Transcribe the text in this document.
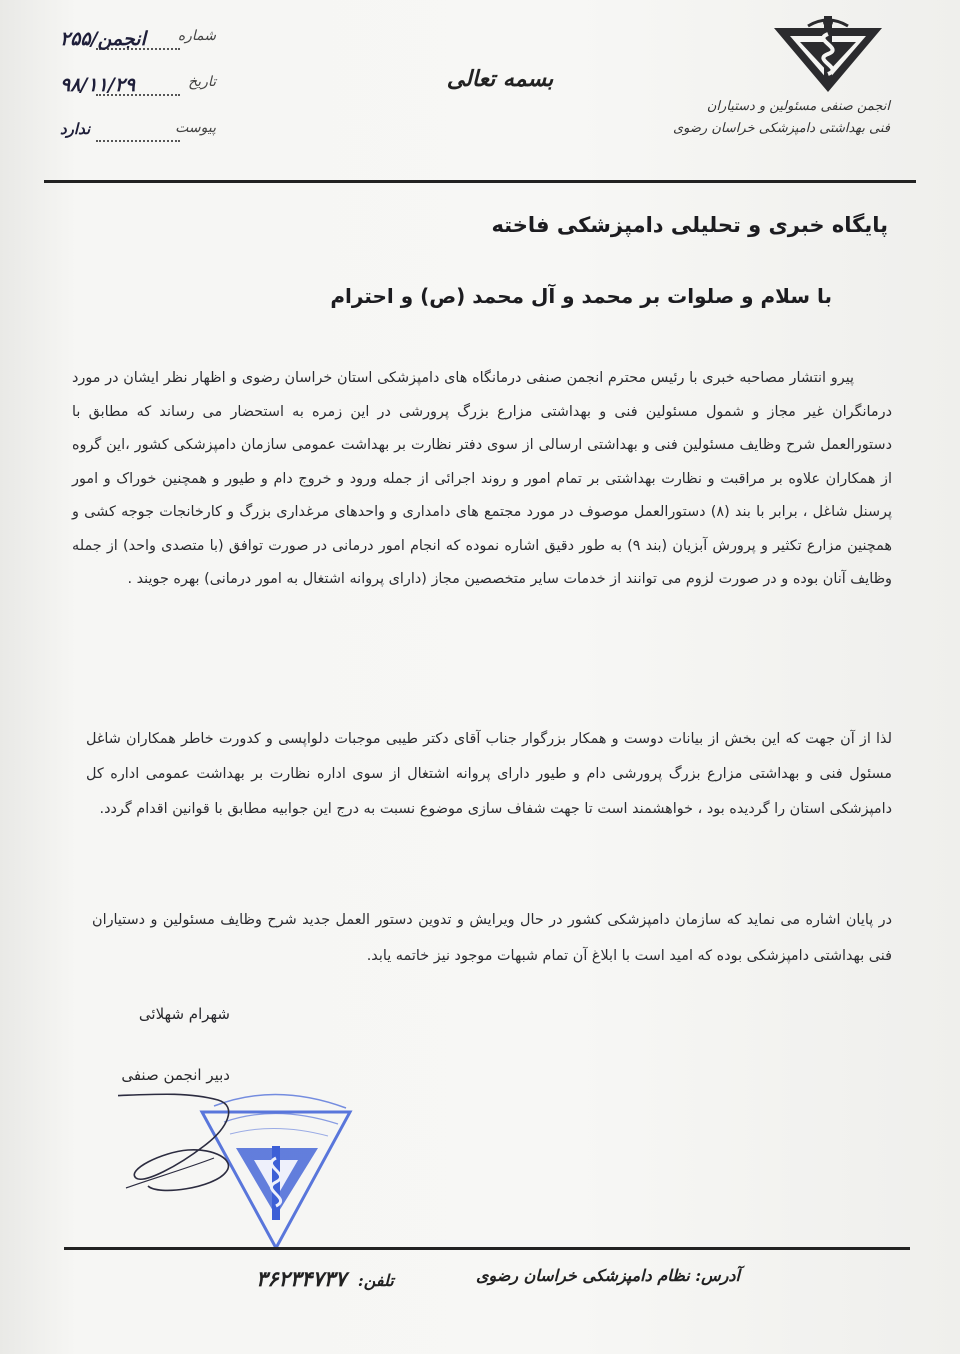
انجمن صنفی مسئولین و دستیاران
فنی بهداشتی دامپزشکی خراسان رضوی
بسمه تعالی
شماره
۲۵۵/انجمن
تاریخ
۹۸/۱۱/۲۹
پیوست
ندارد
پایگاه خبری و تحلیلی دامپزشکی فاخته
با سلام و صلوات بر محمد و آل محمد (ص) و احترام
پیرو انتشار مصاحبه خبری با رئیس محترم انجمن صنفی درمانگاه های دامپزشکی استان خراسان رضوی و اظهار نظر ایشان در مورد درمانگران غیر مجاز و شمول مسئولین فنی و بهداشتی مزارع بزرگ پرورشی در این زمره به استحضار می رساند که مطابق با دستورالعمل شرح وظایف مسئولین فنی و بهداشتی ارسالی از سوی دفتر نظارت بر بهداشت عمومی سازمان دامپزشکی کشور ،این گروه از همکاران علاوه بر مراقبت و نظارت بهداشتی بر تمام امور و روند اجرائی از جمله ورود و خروج دام و طیور و همچنین خوراک و امور پرسنل شاغل ، برابر با بند (۸) دستورالعمل موصوف در مورد مجتمع های دامداری و واحدهای مرغداری بزرگ و کارخانجات جوجه کشی و همچنین مزارع تکثیر و پرورش آبزیان (بند ۹) به طور دقیق اشاره نموده که انجام امور درمانی در صورت توافق (با متصدی واحد) از جمله وظایف آنان بوده و در صورت لزوم می توانند از خدمات سایر متخصصین مجاز (دارای پروانه اشتغال به امور درمانی) بهره جویند .
لذا از آن جهت که این بخش از بیانات دوست و همکار بزرگوار جناب آقای دکتر طیبی موجبات دلواپسی و کدورت خاطر همکاران شاغل مسئول فنی و بهداشتی مزارع بزرگ پرورشی دام و طیور دارای پروانه اشتغال از سوی اداره نظارت بر بهداشت عمومی اداره کل دامپزشکی استان را گردیده بود ، خواهشمند است تا جهت شفاف سازی موضوع نسبت به درج این جوابیه مطابق با قوانین اقدام گردد.
در پایان اشاره می نماید که سازمان دامپزشکی کشور در حال ویرایش و تدوین دستور العمل جدید شرح وظایف مسئولین و دستیاران فنی بهداشتی دامپزشکی بوده که امید است با ابلاغ آن تمام شبهات موجود نیز خاتمه یابد.
شهرام شهلائی
دبیر انجمن صنفی
آدرس: نظام دامپزشکی خراسان رضوی
تلفن: ۳۶۲۳۴۷۳۷
